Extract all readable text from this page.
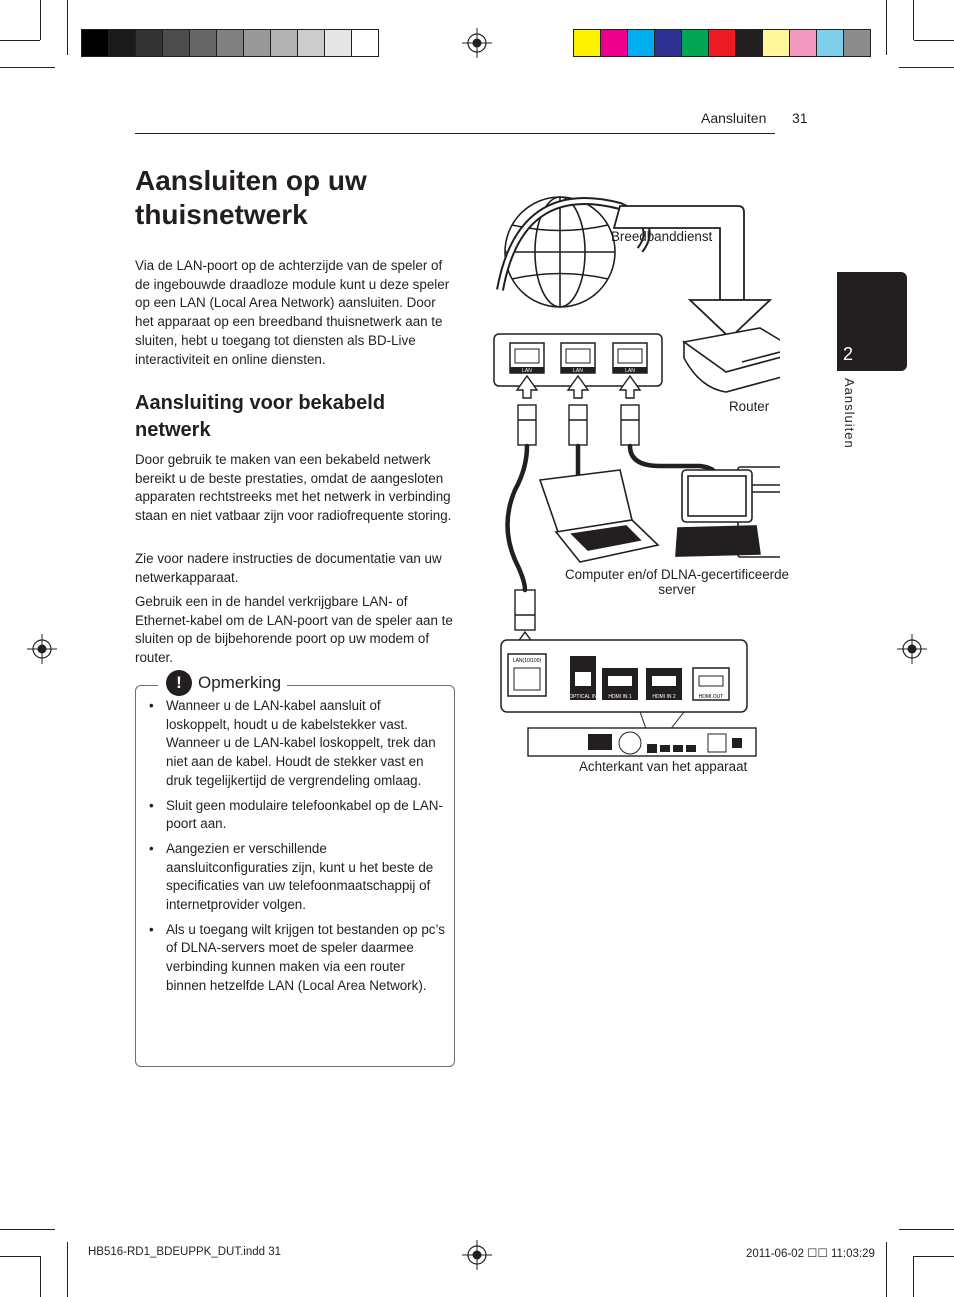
Aansluiten 31
Aansluiten op uw thuisnetwerk
Via de LAN-poort op de achterzijde van de speler of de ingebouwde draadloze module kunt u deze speler op een LAN (Local Area Network) aansluiten. Door het apparaat op een breedband thuisnetwerk aan te sluiten, hebt u toegang tot diensten als BD-Live interactiviteit en online diensten.
Aansluiting voor bekabeld netwerk
Door gebruik te maken van een bekabeld netwerk bereikt u de beste prestaties, omdat de aangesloten apparaten rechtstreeks met het netwerk in verbinding staan en niet vatbaar zijn voor radiofrequente storing.
Zie voor nadere instructies de documentatie van uw netwerkapparaat.
Gebruik een in de handel verkrijgbare LAN- of Ethernet-kabel om de LAN-poort van de speler aan te sluiten op de bijbehorende poort op uw modem of router.
! Opmerking
• Wanneer u de LAN-kabel aansluit of loskoppelt, houdt u de kabelstekker vast. Wanneer u de LAN-kabel loskoppelt, trek dan niet aan de kabel. Houdt de stekker vast en druk tegelijkertijd de vergrendeling omlaag.
• Sluit geen modulaire telefoonkabel op de LAN-poort aan.
• Aangezien er verschillende aansluitconfiguraties zijn, kunt u het beste de specificaties van uw telefoonmaatschappij of internetprovider volgen.
• Als u toegang wilt krijgen tot bestanden op pc’s of DLNA-servers moet de speler daarmee verbinding kunnen maken via een router binnen hetzelfde LAN (Local Area Network).
2
Aansluiten
LAN	LAN	LAN
LAN(10/100)
OPTICAL IN HDMI IN 1	HDMI IN 2	HDMI OUT
Breedbanddienst
Router
Computer en/of DLNA-gecertificeerde server
Achterkant van het apparaat
HB516-RD1_BDEUPPK_DUT.indd 31	2011-06-02 ☐☐ 11:03:29
